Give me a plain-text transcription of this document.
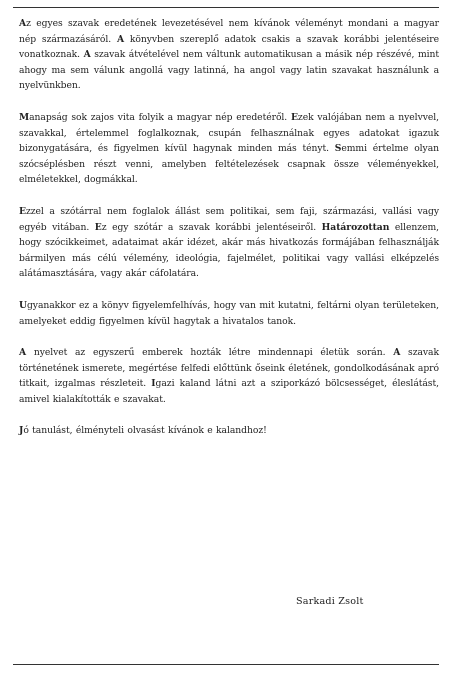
Az egyes szavak eredetének levezetésével nem kívánok véleményt mondani a magyar nép származásáról. A könyvben szereplő adatok csakis a szavak korábbi jelentéseire vonatkoznak. A szavak átvételével nem váltunk automatikusan a másik nép részévé, mint ahogy ma sem válunk angollá vagy latinná, ha angol vagy latin szavakat használunk a nyelvünkben.

Manapság sok zajos vita folyik a magyar nép eredetéről. Ezek valójában nem a nyelvvel, szavakkal, értelemmel foglalkoznak, csupán felhasználnak egyes adatokat igazuk bizonygatására, és figyelmen kívül hagynak minden más tényt. Semmi értelme olyan szócséplésben részt venni, amelyben feltételezések csapnak össze véleményekkel, elméletekkel, dogmákkal.

Ezzel a szótárral nem foglalok állást sem politikai, sem faji, származási, vallási vagy egyéb vitában. Ez egy szótár a szavak korábbi jelentéseiről. Határozottan ellenzem, hogy szócikkeimet, adataimat akár idézet, akár más hivatkozás formájában felhasználják bármilyen más célú vélemény, ideológia, fajelmélet, politikai vagy vallási elképzelés alátámasztására, vagy akár cáfolatára.

Ugyanakkor ez a könyv figyelemfelhívás, hogy van mit kutatni, feltárni olyan területeken, amelyeket eddig figyelmen kívül hagytak a hivatalos tanok.

A nyelvet az egyszerű emberek hozták létre mindennapi életük során. A szavak történetének ismerete, megértése felfedi előttünk őseink életének, gondolkodásának apró titkait, izgalmas részleteit. Igazi kaland látni azt a sziporkázó bölcsességet, éleslátást, amivel kialakították e szavakat.

Jó tanulást, élményteli olvasást kívánok e kalandhoz!

Sarkadi Zsolt
